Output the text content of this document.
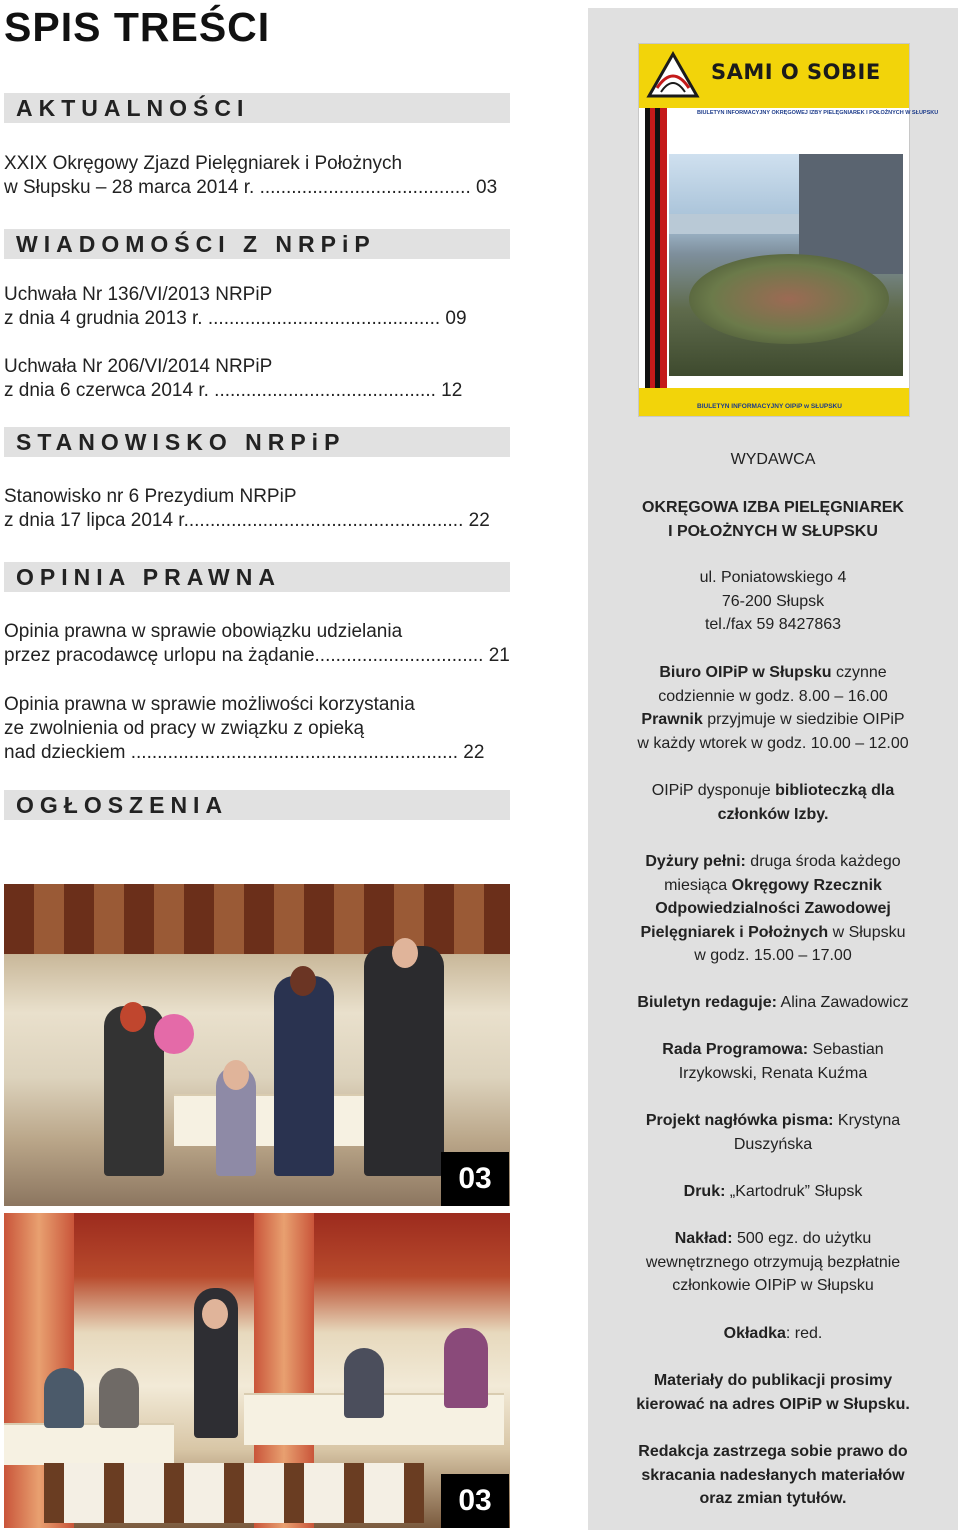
SPIS TREŚCI
AKTUALNOŚCI
XXIX Okręgowy Zjazd Pielęgniarek i Położnych
w Słupsku – 28 marca 2014 r. ........................................ 03
WIADOMOŚCI Z NRPiP
Uchwała Nr 136/VI/2013 NRPiP
z dnia 4 grudnia 2013 r. ............................................ 09
Uchwała Nr 206/VI/2014 NRPiP
z dnia 6 czerwca 2014 r. .......................................... 12
STANOWISKO NRPiP
Stanowisko nr 6 Prezydium NRPiP
z dnia 17 lipca 2014 r..................................................... 22
OPINIA PRAWNA
Opinia prawna w sprawie obowiązku udzielania
przez pracodawcę urlopu na żądanie................................ 21
Opinia prawna w sprawie możliwości korzystania
ze zwolnienia od pracy w związku z opieką
nad dzieckiem .............................................................. 22
OGŁOSZENIA
03
03
SAMI O SOBIE
BIULETYN INFORMACYJNY OKRĘGOWEJ IZBY PIELĘGNIAREK I POŁOŻNYCH W SŁUPSKU
BIULETYN INFORMACYJNY OIPiP w SŁUPSKU
WYDAWCA
OKRĘGOWA IZBA PIELĘGNIAREK
I POŁOŻNYCH W SŁUPSKU
ul. Poniatowskiego 4
76-200 Słupsk
tel./fax 59 8427863
Biuro OIPiP w Słupsku czynne
codziennie w godz. 8.00 – 16.00
Prawnik przyjmuje w siedzibie OIPiP
w każdy wtorek w godz. 10.00 – 12.00
OIPiP dysponuje biblioteczką dla
członków Izby.
Dyżury pełni: druga środa każdego
miesiąca Okręgowy Rzecznik
Odpowiedzialności Zawodowej
Pielęgniarek i Położnych w Słupsku
w godz. 15.00 – 17.00
Biuletyn redaguje: Alina Zawadowicz
Rada Programowa: Sebastian
Irzykowski, Renata Kuźma
Projekt nagłówka pisma: Krystyna
Duszyńska
Druk: „Kartodruk” Słupsk
Nakład: 500 egz. do użytku
wewnętrznego otrzymują bezpłatnie
członkowie OIPiP w Słupsku
Okładka: red.
Materiały do publikacji prosimy
kierować na adres OIPiP w Słupsku.
Redakcja zastrzega sobie prawo do
skracania nadesłanych materiałów
oraz zmian tytułów.
